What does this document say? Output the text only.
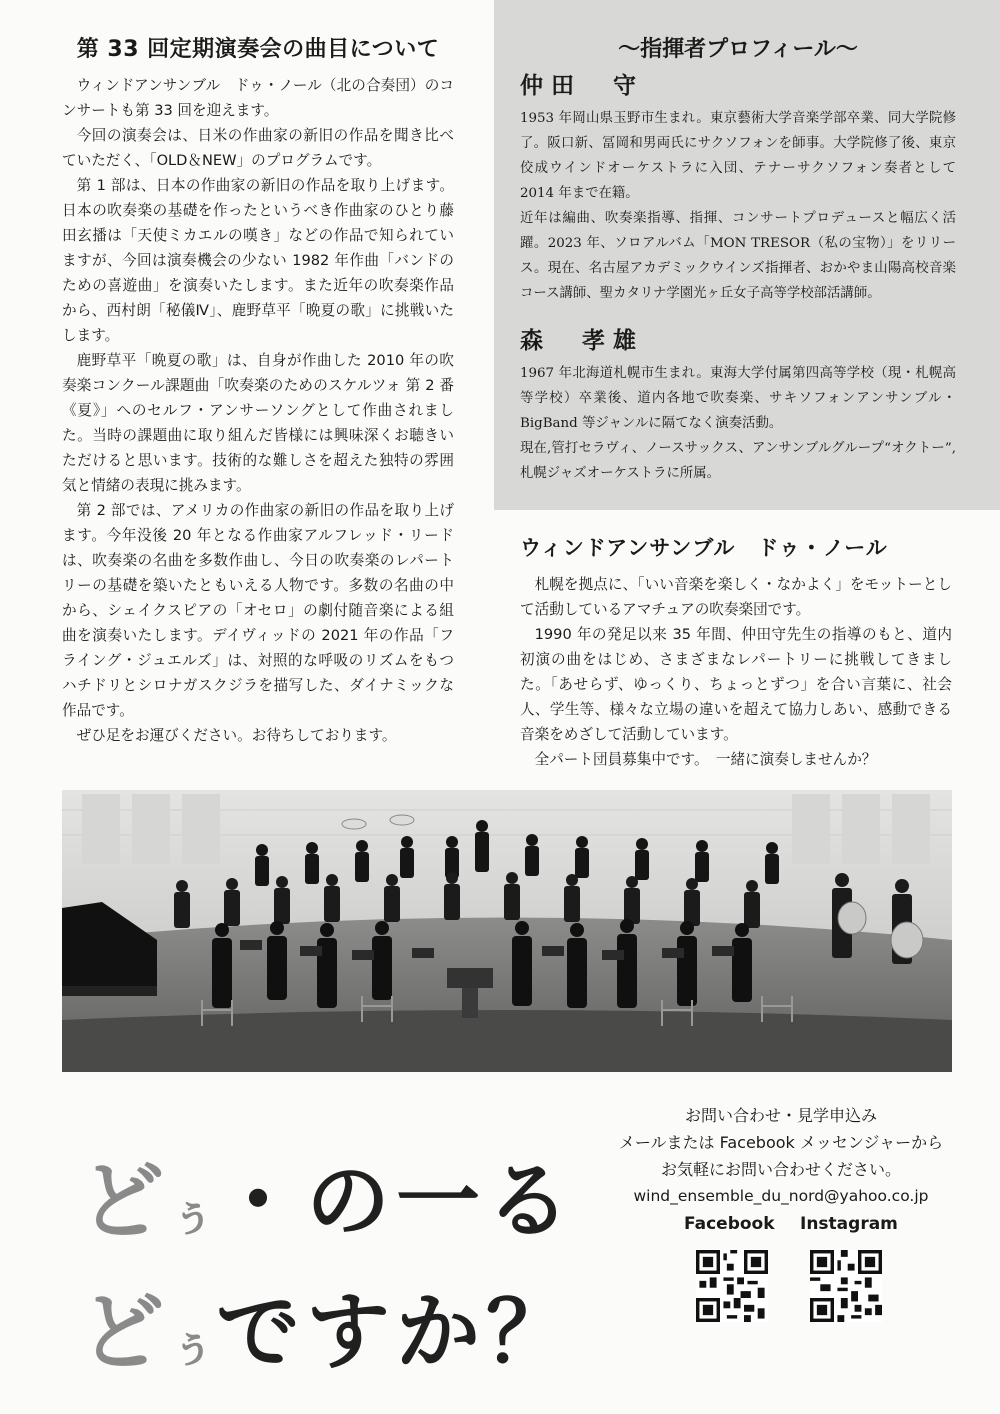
第 33 回定期演奏会の曲目について

ウィンドアンサンブル　ドゥ・ノール（北の合奏団）のコンサートも第 33 回を迎えます。

今回の演奏会は、日米の作曲家の新旧の作品を聞き比べていただく、「OLD＆NEW」のプログラムです。

第 1 部は、日本の作曲家の新旧の作品を取り上げます。日本の吹奏楽の基礎を作ったというべき作曲家のひとり藤田玄播は「天使ミカエルの嘆き」などの作品で知られていますが、今回は演奏機会の少ない 1982 年作曲「バンドのための喜遊曲」を演奏いたします。また近年の吹奏楽作品から、西村朗「秘儀Ⅳ」、鹿野草平「晩夏の歌」に挑戦いたします。

鹿野草平「晩夏の歌」は、自身が作曲した 2010 年の吹奏楽コンクール課題曲「吹奏楽のためのスケルツォ 第 2 番《夏》」へのセルフ・アンサーソングとして作曲されました。当時の課題曲に取り組んだ皆様には興味深くお聴きいただけると思います。技術的な難しさを超えた独特の雰囲気と情緒の表現に挑みます。

第 2 部では、アメリカの作曲家の新旧の作品を取り上げます。今年没後 20 年となる作曲家アルフレッド・リードは、吹奏楽の名曲を多数作曲し、今日の吹奏楽のレパートリーの基礎を築いたともいえる人物です。多数の名曲の中から、シェイクスピアの「オセロ」の劇付随音楽による組曲を演奏いたします。デイヴィッドの 2021 年の作品「フライング・ジュエルズ」は、対照的な呼吸のリズムをもつハチドリとシロナガスクジラを描写した、ダイナミックな作品です。

ぜひ足をお運びください。お待ちしております。

～指揮者プロフィール～
仲田　守

1953 年岡山県玉野市生まれ。東京藝術大学音楽学部卒業、同大学院修了。阪口新、冨岡和男両氏にサクソフォンを師事。大学院修了後、東京佼成ウインドオーケストラに入団、テナーサクソフォン奏者として 2014 年まで在籍。

近年は編曲、吹奏楽指導、指揮、コンサートプロデュースと幅広く活躍。2023 年、ソロアルバム「MON TRESOR（私の宝物）」をリリース。現在、名古屋アカデミックウインズ指揮者、おかやま山陽高校音楽コース講師、聖カタリナ学園光ヶ丘女子高等学校部活講師。

森　孝雄

1967 年北海道札幌市生まれ。東海大学付属第四高等学校（現・札幌高等学校）卒業後、道内各地で吹奏楽、サキソフォンアンサンブル・BigBand 等ジャンルに隔てなく演奏活動。

現在,管打セラヴィ、ノースサックス、アンサンブルグループ“オクトー”,札幌ジャズオーケストラに所属。

ウィンドアンサンブル　ドゥ・ノール

札幌を拠点に、「いい音楽を楽しく・なかよく」をモットーとして活動しているアマチュアの吹奏楽団です。

1990 年の発足以来 35 年間、仲田守先生の指導のもと、道内初演の曲をはじめ、さまざまなレパートリーに挑戦してきました。「あせらず、ゆっくり、ちょっとずつ」を合い言葉に、社会人、学生等、様々な立場の違いを超えて協力しあい、感動できる音楽をめざして活動しています。

全パート団員募集中です。　一緒に演奏しませんか？

どぅ・の一る
どぅですか？

お問い合わせ・見学申込み

メールまたは Facebook メッセンジャーから

お気軽にお問い合わせください。

wind_ensemble_du_nord@yahoo.co.jp

Facebook Instagram
